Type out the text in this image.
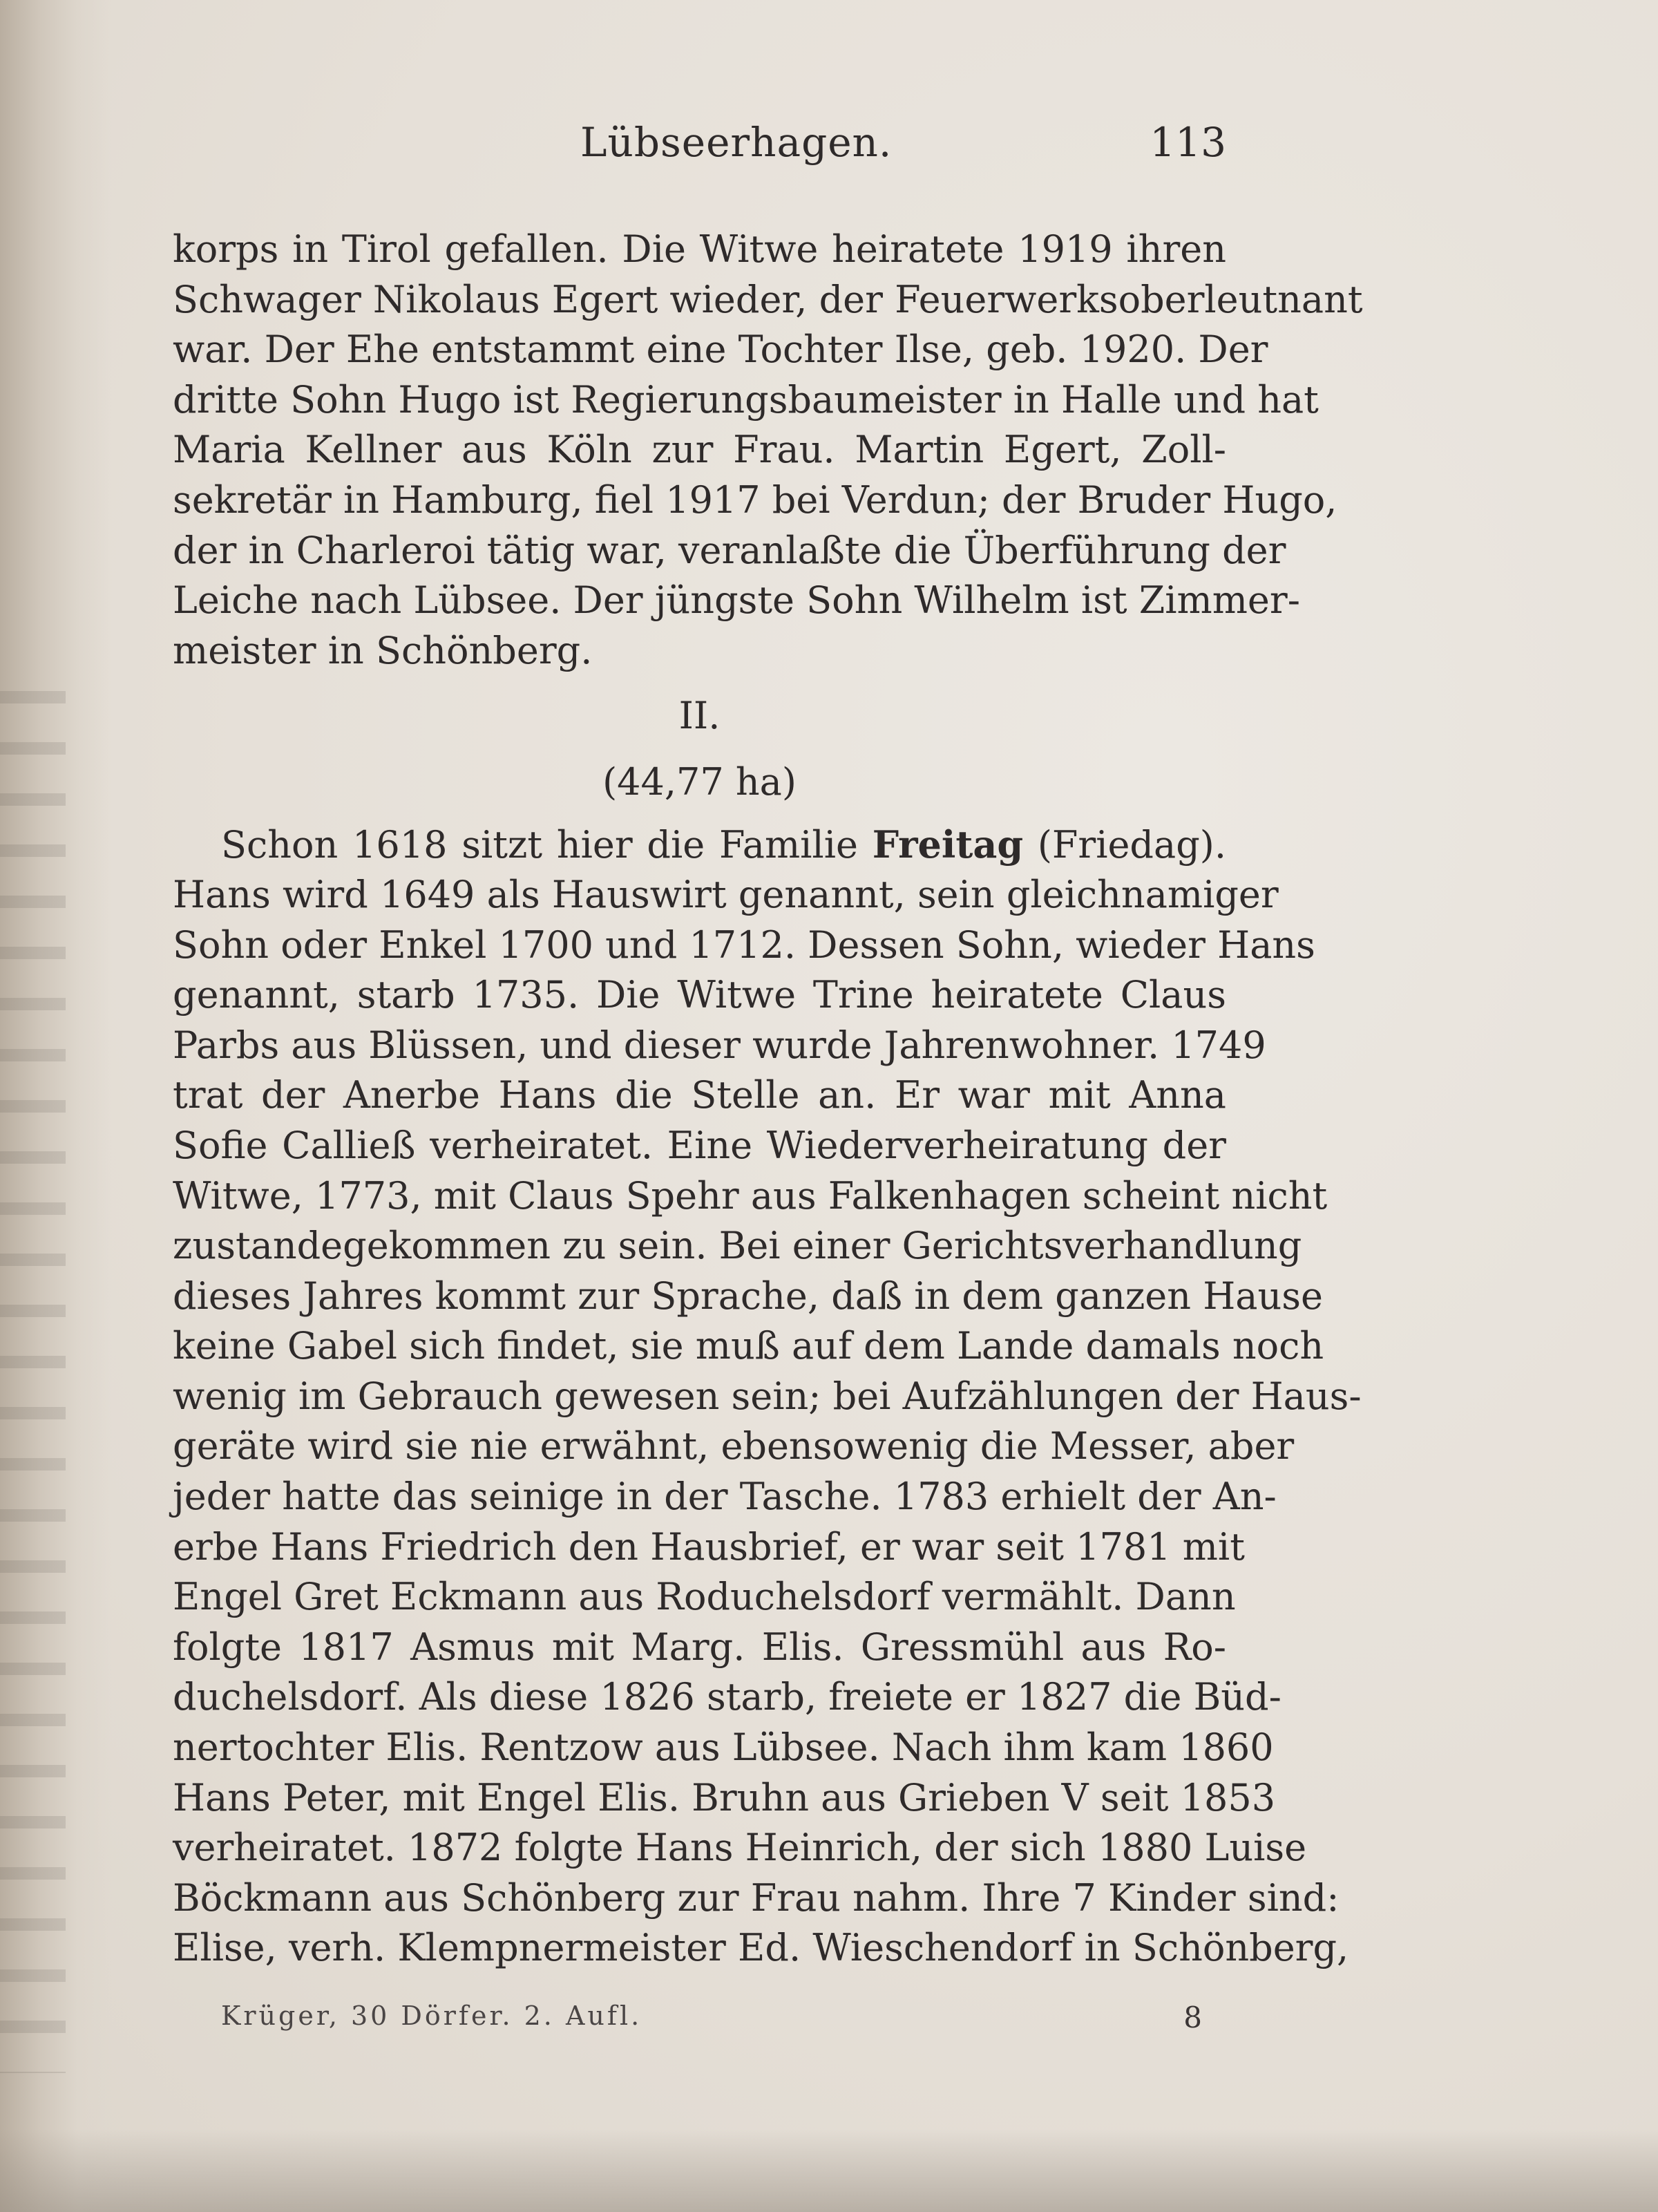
Lübseerhagen.	113
korps in Tirol gefallen. Die Witwe heiratete 1919 ihren
Schwager Nikolaus Egert wieder, der Feuerwerksoberleutnant
war. Der Ehe entstammt eine Tochter Ilse, geb. 1920. Der
dritte Sohn Hugo ist Regierungsbaumeister in Halle und hat
Maria Kellner aus Köln zur Frau. Martin Egert, Zoll-
sekretär in Hamburg, fiel 1917 bei Verdun; der Bruder Hugo,
der in Charleroi tätig war, veranlaßte die Überführung der
Leiche nach Lübsee. Der jüngste Sohn Wilhelm ist Zimmer-
meister in Schönberg.
II.
(44,77 ha)
Schon 1618 sitzt hier die Familie Freitag (Friedag).
Hans wird 1649 als Hauswirt genannt, sein gleichnamiger
Sohn oder Enkel 1700 und 1712. Dessen Sohn, wieder Hans
genannt, starb 1735. Die Witwe Trine heiratete Claus
Parbs aus Blüssen, und dieser wurde Jahrenwohner. 1749
trat der Anerbe Hans die Stelle an. Er war mit Anna
Sofie Calließ verheiratet. Eine Wiederverheiratung der
Witwe, 1773, mit Claus Spehr aus Falkenhagen scheint nicht
zustandegekommen zu sein. Bei einer Gerichtsverhandlung
dieses Jahres kommt zur Sprache, daß in dem ganzen Hause
keine Gabel sich findet, sie muß auf dem Lande damals noch
wenig im Gebrauch gewesen sein; bei Aufzählungen der Haus-
geräte wird sie nie erwähnt, ebensowenig die Messer, aber
jeder hatte das seinige in der Tasche. 1783 erhielt der An-
erbe Hans Friedrich den Hausbrief, er war seit 1781 mit
Engel Gret Eckmann aus Roduchelsdorf vermählt. Dann
folgte 1817 Asmus mit Marg. Elis. Gressmühl aus Ro-
duchelsdorf. Als diese 1826 starb, freiete er 1827 die Büd-
nertochter Elis. Rentzow aus Lübsee. Nach ihm kam 1860
Hans Peter, mit Engel Elis. Bruhn aus Grieben V seit 1853
verheiratet. 1872 folgte Hans Heinrich, der sich 1880 Luise
Böckmann aus Schönberg zur Frau nahm. Ihre 7 Kinder sind:
Elise, verh. Klempnermeister Ed. Wieschendorf in Schönberg,
Krüger, 30 Dörfer. 2. Aufl.	8
